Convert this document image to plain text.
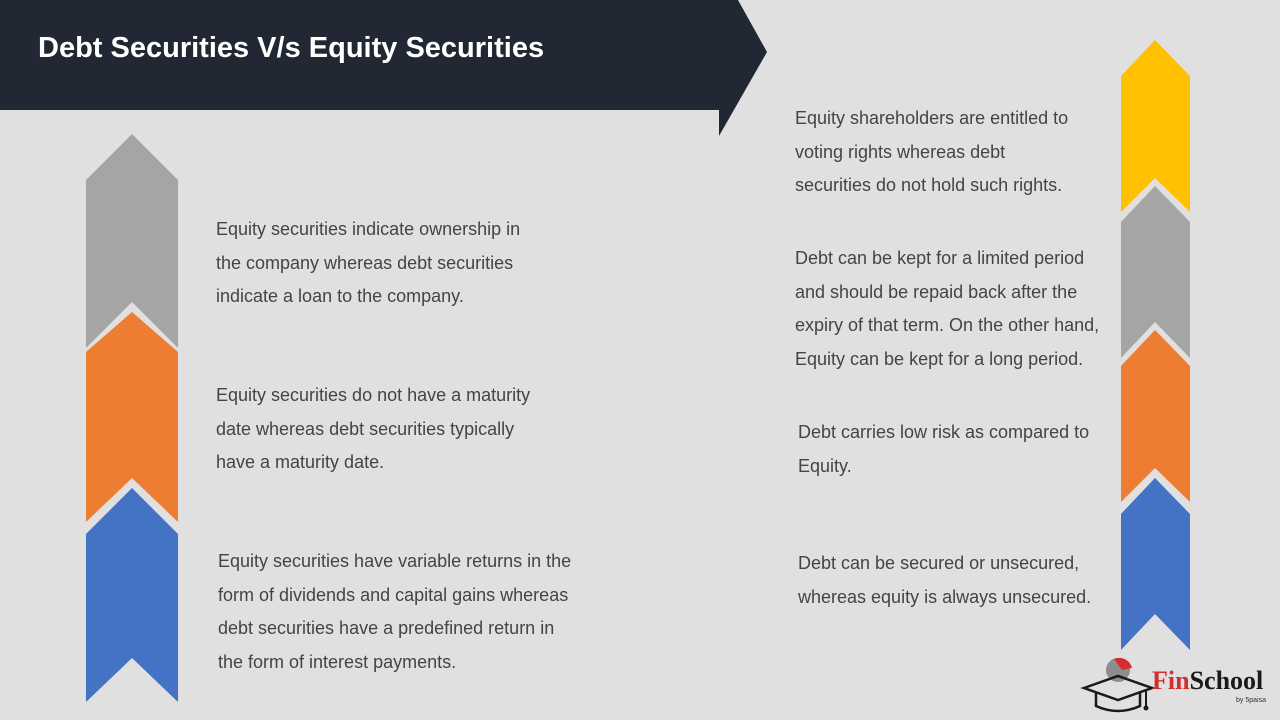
Debt Securities V/s Equity Securities
Equity securities indicate ownership in
the company whereas debt securities
indicate a loan to the company.
Equity securities do not have a maturity
date whereas debt securities typically
have a maturity date.
Equity securities have variable returns in the
form of dividends and capital gains whereas
debt securities have a predefined return in
the form of interest payments.
Equity shareholders are entitled to
voting rights whereas debt
securities do not hold such rights.
Debt can be kept for a limited period
and should be repaid back after the
expiry of that term. On the other hand,
Equity can be kept for a long period.
Debt carries low risk as compared to
Equity.
Debt can be secured or unsecured,
whereas equity is always unsecured.
FinSchool
by 5paisa
